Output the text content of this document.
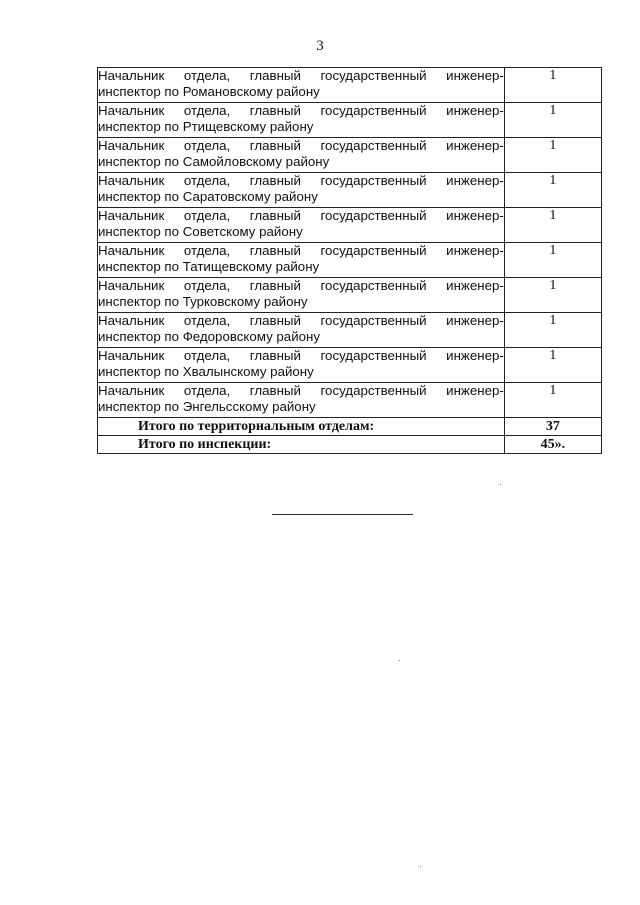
3
Начальник отдела, главный государственный инженер-
инспектор по Романовскому району	1

Начальник отдела, главный государственный инженер-
инспектор по Ртищевскому району	1

Начальник отдела, главный государственный инженер-
инспектор по Самойловскому району	1

Начальник отдела, главный государственный инженер-
инспектор по Саратовскому району	1

Начальник отдела, главный государственный инженер-
инспектор по Советскому району	1

Начальник отдела, главный государственный инженер-
инспектор по Татищевскому району	1

Начальник отдела, главный государственный инженер-
инспектор по Турковскому району	1

Начальник отдела, главный государственный инженер-
инспектор по Федоровскому району	1

Начальник отдела, главный государственный инженер-
инспектор по Хвалынскому району	1

Начальник отдела, главный государственный инженер-
инспектор по Энгельсскому району	1
Итого по территориальным отделам:	37
Итого по инспекции:	45».
